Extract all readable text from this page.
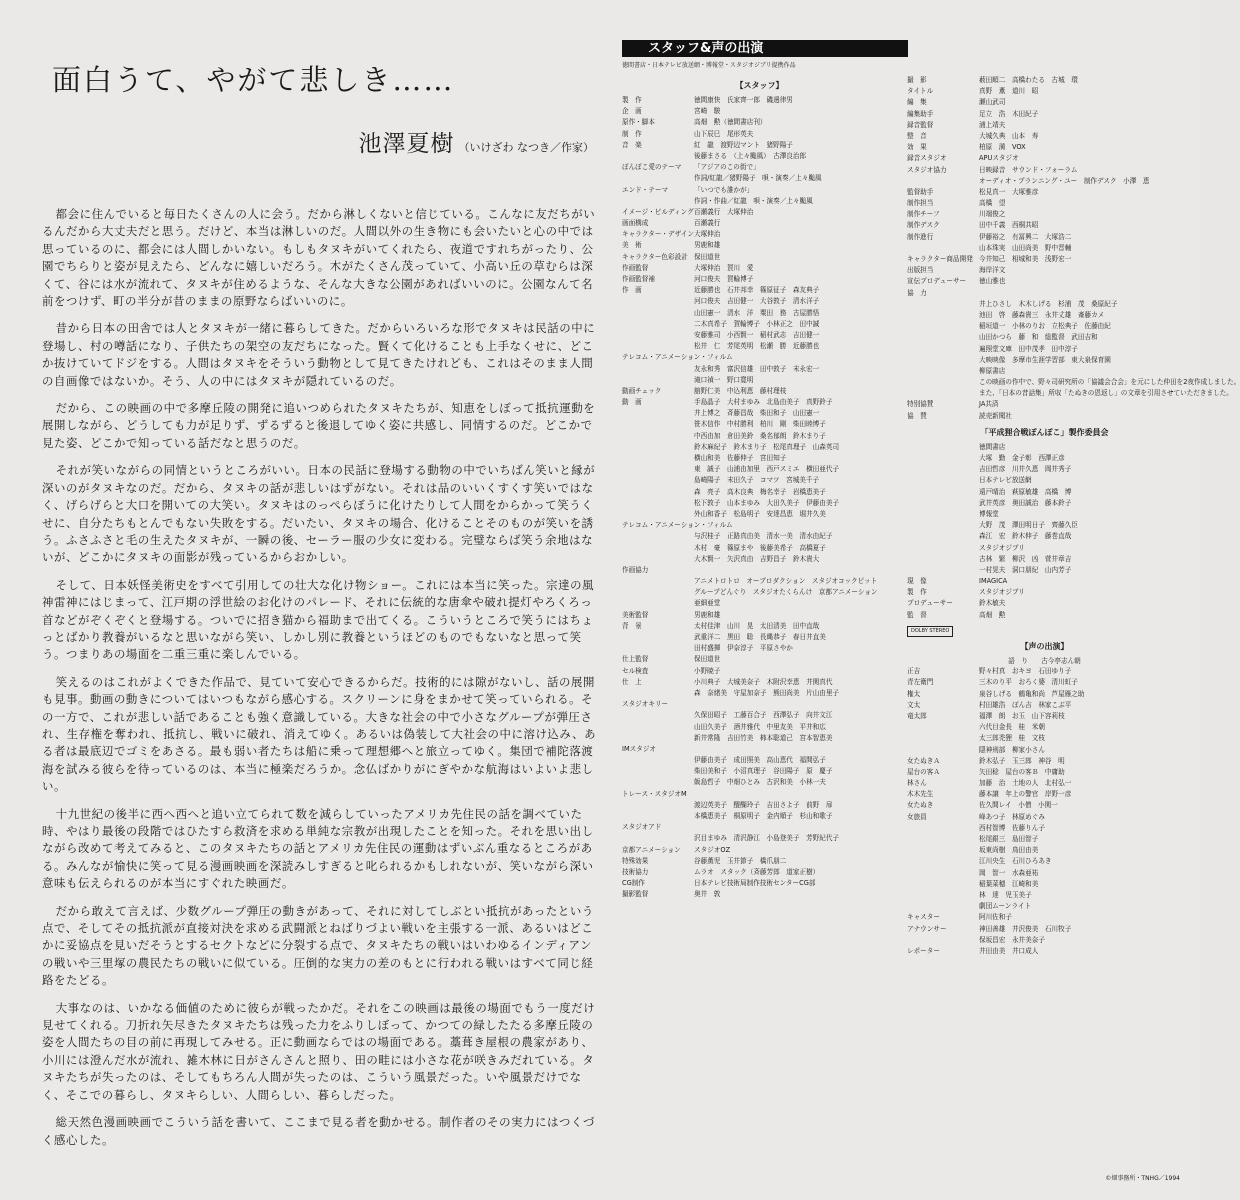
面白うて、やがて悲しき……
池澤夏樹 （いけざわ なつき／作家）

都会に住んでいると毎日たくさんの人に会う。だから淋しくないと信じている。こんなに友だちがいるんだから大丈夫だと思う。だけど、本当は淋しいのだ。人間以外の生き物にも会いたいと心の中では思っているのに、都会には人間しかいない。もしもタヌキがいてくれたら、夜道ですれちがったり、公園でちらりと姿が見えたら、どんなに嬉しいだろう。木がたくさん茂っていて、小高い丘の草むらは深くて、谷には水が流れて、タヌキが住めるような、そんな大きな公園があればいいのに。公園なんて名前をつけず、町の半分が昔のままの原野ならばいいのに。

昔から日本の田舎では人とタヌキが一緒に暮らしてきた。だからいろいろな形でタヌキは民話の中に登場し、村の噂話になり、子供たちの架空の友だちになった。賢くて化けることも上手なくせに、どこか抜けていてドジをする。人間はタヌキをそういう動物として見てきたけれども、これはそのまま人間の自画像ではないか。そう、人の中にはタヌキが隠れているのだ。

だから、この映画の中で多摩丘陵の開発に追いつめられたタヌキたちが、知恵をしぼって抵抗運動を展開しながら、どうしても力が足りず、ずるずると後退してゆく姿に共感し、同情するのだ。どこかで見た姿、どこかで知っている話だなと思うのだ。

それが笑いながらの同情というところがいい。日本の民話に登場する動物の中でいちばん笑いと縁が深いのがタヌキなのだ。だから、タヌキの話が悲しいはずがない。それは品のいいくすくす笑いではなく、げらげらと大口を開いての大笑い。タヌキはのっぺらぼうに化けたりして人間をからかって笑うくせに、自分たちもとんでもない失敗をする。だいたい、タヌキの場合、化けることそのものが笑いを誘う。ふさふさと毛の生えたタヌキが、一瞬の後、セーラー服の少女に変わる。完璧ならば笑う余地はないが、どこかにタヌキの面影が残っているからおかしい。

そして、日本妖怪美術史をすべて引用しての壮大な化け物ショー。これには本当に笑った。宗達の風神雷神にはじまって、江戸期の浮世絵のお化けのパレード、それに伝統的な唐傘や破れ提灯やろくろっ首などがぞくぞくと登場する。ついでに招き猫から福助まで出てくる。こういうところで笑うにはちょっとばかり教養がいるなと思いながら笑い、しかし別に教養というほどのものでもないなと思って笑う。つまりあの場面を二重三重に楽しんでいる。

笑えるのはこれがよくできた作品で、見ていて安心できるからだ。技術的には隙がないし、話の展開も見事。動画の動きについてはいつもながら感心する。スクリーンに身をまかせて笑っていられる。その一方で、これが悲しい話であることも強く意識している。大きな社会の中で小さなグループが弾圧され、生存権を奪われ、抵抗し、戦いに破れ、消えてゆく。あるいは偽装して大社会の中に溶け込み、ある者は最底辺でゴミをあさる。最も弱い者たちは船に乗って理想郷へと旅立ってゆく。集団で補陀落渡海を試みる彼らを待っているのは、本当に極楽だろうか。念仏ばかりがにぎやかな航海はいよいよ悲しい。

十九世紀の後半に西へ西へと追い立てられて数を減らしていったアメリカ先住民の話を調べていた時、やはり最後の段階ではひたすら救済を求める単純な宗教が出現したことを知った。それを思い出しながら改めて考えてみると、このタヌキたちの話とアメリカ先住民の運動はずいぶん重なるところがある。みんなが愉快に笑って見る漫画映画を深読みしすぎると叱られるかもしれないが、笑いながら深い意味も伝えられるのが本当にすぐれた映画だ。

だから敢えて言えば、少数グループ弾圧の動きがあって、それに対してしぶとい抵抗があったという点で、そしてその抵抗派が直接対決を求める武闘派とねばりづよい戦いを主張する一派、あるいはどこかに妥協点を見いだそうとするセクトなどに分裂する点で、タヌキたちの戦いはいわゆるインディアンの戦いや三里塚の農民たちの戦いに似ている。圧倒的な実力の差のもとに行われる戦いはすべて同じ経路をたどる。

大事なのは、いかなる価値のために彼らが戦ったかだ。それをこの映画は最後の場面でもう一度だけ見せてくれる。刀折れ矢尽きたタヌキたちは残った力をふりしぼって、かつての緑したたる多摩丘陵の姿を人間たちの目の前に再現してみせる。正に動画ならではの場面である。藁葺き屋根の農家があり、小川には澄んだ水が流れ、雑木林に日がさんさんと照り、田の畦には小さな花が咲きみだれている。タヌキたちが失ったのは、そしてもちろん人間が失ったのは、こういう風景だった。いや風景だけでなく、そこでの暮らし、タヌキらしい、人間らしい、暮らしだった。

総天然色漫画映画でこういう話を書いて、ここまで見る者を動かせる。制作者のその実力にはつくづく感心した。

スタッフ&声の出演
徳間書店・日本テレビ放送網・博報堂・スタジオジブリ提携作品
【スタッフ】
製　作	徳間康快　氏家齊一郎　磯邊律男
企　画	宮崎　駿
原作・脚本	高畑　勲（徳間書店刊）
制　作	山下辰巳　尾形英夫
音　楽	紅　龍　渡野辺マント　猪野陽子
後藤まさる　（上々颱風）　古澤良治郎
ぽんぽこ愛のテーマ	「アジアのこの街で」
作詞/紅龍／猪野陽子　唄・演奏／上々颱風
エンド・テーマ	「いつでも誰かが」
作詞・作曲／紅龍　唄・演奏／上々颱風
イメージ・ビルディング 百瀬義行　大塚伸治
画面構成	百瀬義行
キャラクター・デザイン 大塚伸治
美　術	男鹿和雄
キャラクター色彩設計 保田道世
作画監督	大塚伸治　賀川　愛
作画監督補	河口俊夫　賀輪博子
作　画	近藤勝也　石井邦幸　篠原征子　森友典子
河口俊夫　吉田健一　大谷敦子　清水洋子
山田憲一　清水　洋　粟田　務　古屋勝悟
二木真希子　賀輪博子　小林正之　田中誠
安藤雅司　小西賢一　稲村武志　吉田健一
松井　仁　芳尾英明　松瀬　勝　近藤勝也
テレコム・アニメーション・フィルム
友永和秀　富沢信雄　田中敦子　末永宏一
滝口禎一　野口寛明
動画チェック	舘野仁美　中込利恵　藤村理枝
動　画	手島晶子　大村まゆみ　北島由美子　真野鈴子
井上博之　斉藤昌哉　柴田和子　山田憲一
笹木信作　中村勝利　柏川　剛　柴田睦博子
中西由加　倉田美鈴　桑名郁朗　鈴木まり子
鈴木麻紀子　鈴木まり子　松尾真理子　山森英司
横山和美　佐藤伸子　宮田知子
東　誠子　山浦由加里　西戸スミエ　横田亜代子
島崎陽子　末田久子　コマツ　宮城美千子
森　亮子　高木良典　梅名幸子　岩橋恵美子
松下敦子　山本まゆみ　大田久美子　伊藤由美子
外山和香子　松島明子　安達昌恵　堀井久美
テレコム・アニメーション・フィルム
与沢桂子　正路真由美　清水一美　清水由紀子
木村　豪　篠原まや　後藤美希子　高橋夏子
大木賢一　矢沢真由　吉野昌子　鈴木貴大
作画協力
アニメトロトロ　オープロダクション　スタジオコックピット
グループどんぐり　スタジオたくらんけ　京都アニメーション
亜細亜堂
美術監督	男鹿和雄
背　景	太村佳津　山川　晃　太田清美　田中直哉
武重洋二　黒田　聡　長縄恭子　春日井直美
田村盛揮　伊奈淳子　平原さやか
仕上監督	保田道世
セル検査	小野暁子
仕　上	小川典子　大城美奈子　木附沢幸恵　井関真代
森　奈緒美　守屋加奈子　熊田尚美　片山由里子
スタジオキリー
久保田昭子　工藤百合子　西澤弘子　向井文江
山田久美子　酒井雅代　中里友美　平井和広
新井常隆　吉田竹美　柿本聡道己　宮本智恵美
IMスタジオ
伊藤由美子　成田照美　高山恵代　福間弘子
柴田美和子　小沼真理子　谷田陽子　原　慶子
飯島哲子　中畑ひとみ　古沢和美　小林一夫
トレース・スタジオM
渡辺英美子　醍醐玲子　吉田さよ子　前野　扉
本橋恵美子　桐原明子　金内順子　杉山和歌子
スタジオアド
沢目まゆみ　清沢静江　小島登美子　芳野紀代子
京都アニメーション	スタジオOZ
特殊効果	谷藤薫児　玉井節子　橋爪朋二
技術協力	ムラオ　スタック（斉藤芳郎　道家正樹）
CG制作	日本テレビ技術局制作技術センターCG部
撮影監督	奥井　敦
撮　影	薮田順二　高橋わたる　古城　環
タイトル	真野　薫　道川　昭
編　集	瀬山武司
編集助手	足立　浩　木田紀子
録音監督	浦上靖夫
整　音	大城久典　山本　寿
効　果	柏原　満　VOX
録音スタジオ	APUスタジオ
スタジオ協力	日映録音　サウンド・フォーラム
オーディオ・プランニング・ユー　制作デスク　小澤　恵
監督助手	松見真一　大塚雅彦
制作担当	高橋　望
制作チーフ	川端俊之
制作デスク	田中千義　西桐共昭
制作進行	伊藤裕之　有冨興二　大塚浩二
山本珠実　山田尚美　野中晋輔
キャラクター商品開発 今井知己　相城和美　浅野宏一
出版担当	海岸洋文
宣伝プロデューサー	徳山雅也
協　力
井上ひさし　木木しげる　杉浦　茂　桑原紀子
池田　啓　藤森貴三　永井丈雄　斎藤カメ
稲垣道一　小林のりお　立松典子　佐藤由紀
山田かつら　藤　和　総監督　武田吉和
遍照堂文庫　田中茂孝　田中淳子
大映映像　多摩市生涯学習部　東大泉保育園
柳原書店
この映画の作中で、野々司研究所の「協議会合会」を元にした仲田を2夜作成しました。
また、「日本の昔話集」所収「たぬきの恩返し」の文章を引用させていただきました。
特別協賛	JA共済
協　賛	読売新聞社
「平成狸合戦ぽんぽこ」製作委員会
徳間書店
大塚　勤　金子彰　西澤正彦
吉田哲彦　川井久恵　岡井秀子
日本テレビ放送網
遠戸晴治　萩原敏雄　高橋　博
武井英彦　奥田誠治　藤本鈴子
博報堂
大野　茂　澤田明日子　齊藤久臣
森江　宏　鈴木伸子　藤巻直哉
スタジオジブリ
古林　繁　柳沢　凶　菅井章吉
一村晃夫　洞口朋紀　山内芳子
現　像	IMAGICA
製　作	スタジオジブリ
プロデューサー	鈴木敏夫
監　督	高畑　勲
DOLBY STEREO
【声の出演】
語　り　　古今亭志ん朝
正吉	野々村真　おキヨ　石田ゆり子
青左衛門	三木のり平　おろく婆　清川虹子
権太	泉谷しげる　鶴亀和尚　芦屋雁之助
文太	村田雄浩　ぽん吉　林家こぶ平
竜太郎	福澤　朗　お玉　山下容莉枝
六代目金長　桂　米朝
太三郎禿狸　桂　文枝
隠神刑部　柳家小さん
女たぬきＡ	鈴木弘子　玉三郎　神谷　明
屋台の客Ａ	矢田稔　屋台の客Ｂ　中庸助
林さん	加藤　治　土地の人　北村弘一
木木先生	藤本譲　年上の警官　岸野一彦
女たぬき	佐久間レイ　小僧　小関一
女旅員	峰あつ子　林原めぐみ
西村智博　佐藤りん子
松尾銀三　島田智子
坂東尚樹　鳥田由美
江川央生　石川ひろあき
岡　智一　水森亜祐
稲葉菜穂　江崎和美
林　達　児玉美子
劇団ムーンライト
キャスター	阿川佐和子
アナウンサー	神田善雄　井沢俊美　石川牧子
保坂昌宏　永井美奈子
レポーター	井田由美　井口成人
©畑事務所・TNHG／1994
